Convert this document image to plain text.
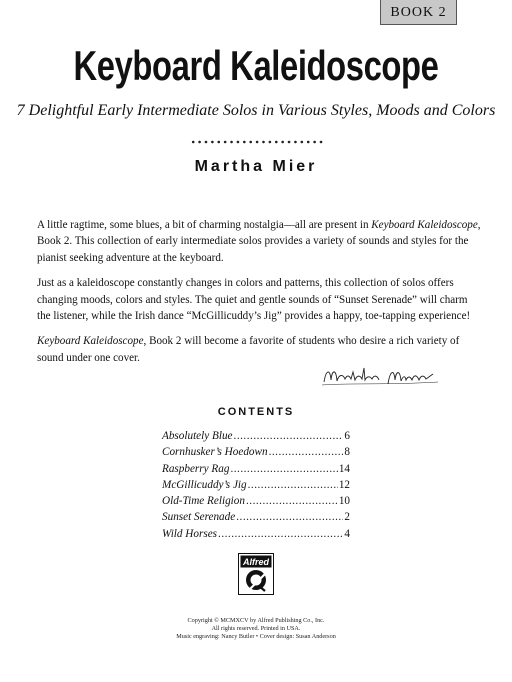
BOOK 2
Keyboard Kaleidoscope
7 Delightful Early Intermediate Solos in Various Styles, Moods and Colors
Martha Mier

A little ragtime, some blues, a bit of charming nostalgia—all are present in Keyboard Kaleidoscope, Book 2. This collection of early intermediate solos provides a variety of sounds and styles for the pianist seeking adventure at the keyboard.

Just as a kaleidoscope constantly changes in colors and patterns, this collection of solos offers changing moods, colors and styles. The quiet and gentle sounds of “Sunset Serenade” will charm the listener, while the Irish dance “McGillicuddy’s Jig” provides a happy, toe-tapping experience!

Keyboard Kaleidoscope, Book 2 will become a favorite of students who desire a rich variety of sound under one cover.

CONTENTS
Absolutely Blue .....	6
Cornhusker’s Hoedown .....	8
Raspberry Rag .....	14
McGillicuddy’s Jig .....	12
Old-Time Religion .....	10
Sunset Serenade .....	2
Wild Horses .....	4
Alfred
Copyright © MCMXCV by Alfred Publishing Co., Inc.
All rights reserved. Printed in USA.
Music engraving: Nancy Butler • Cover design: Susan Anderson
